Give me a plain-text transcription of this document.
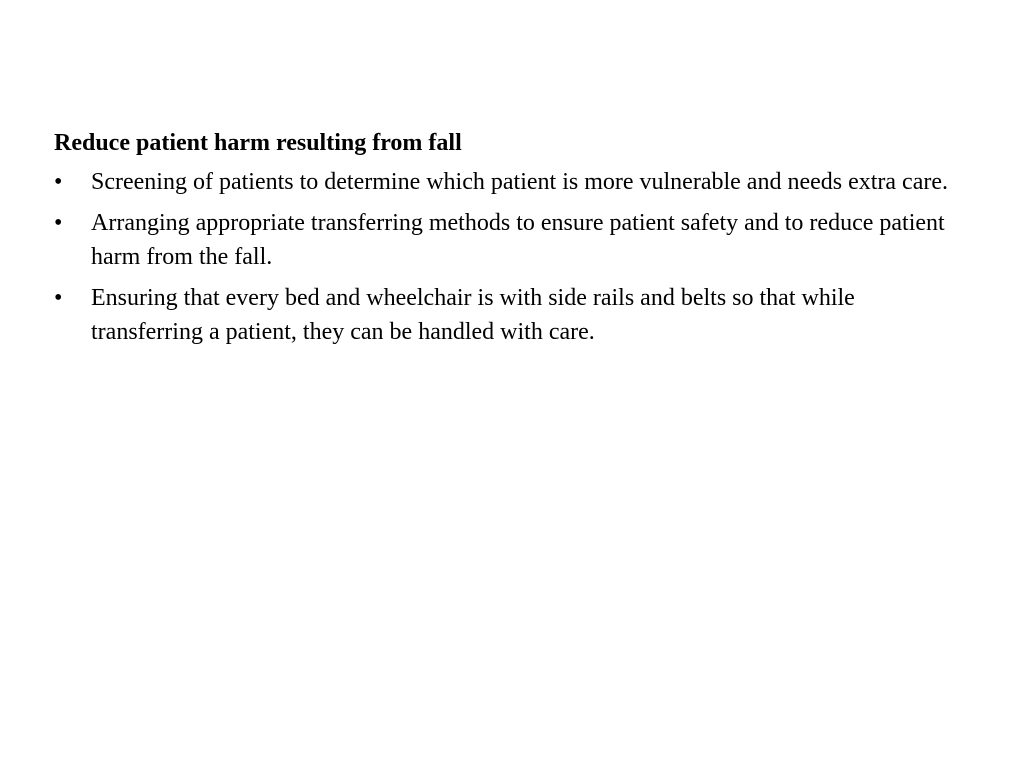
Reduce patient harm resulting from fall
•	Screening of patients to determine which patient is more vulnerable and needs extra care.
•	Arranging appropriate transferring methods to ensure patient safety and to reduce patient harm from the fall.
•	Ensuring that every bed and wheelchair is with side rails and belts so that while transferring a patient, they can be handled with care.
